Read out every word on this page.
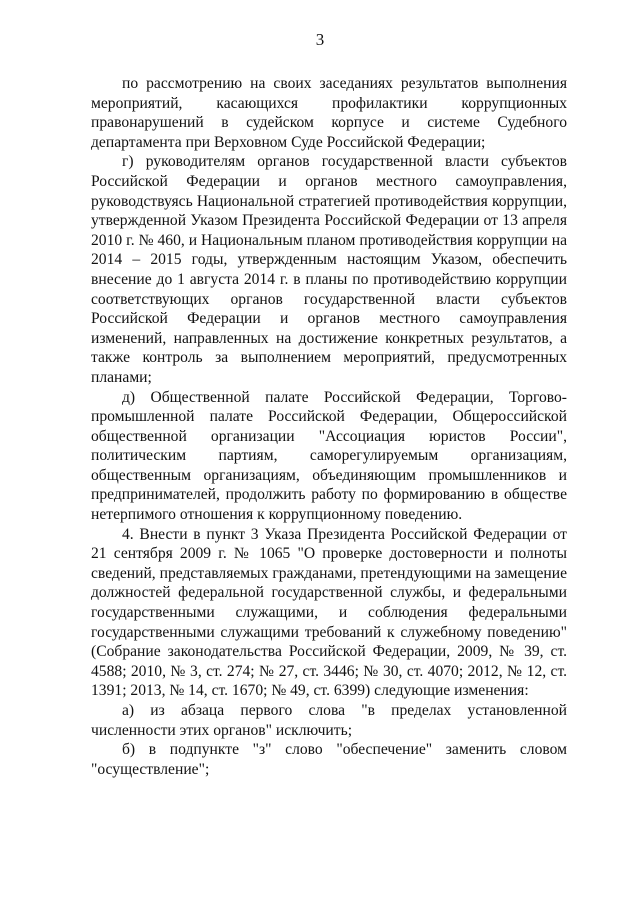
3

по рассмотрению на своих заседаниях результатов выполнения мероприятий, касающихся профилактики коррупционных правонарушений в судейском корпусе и системе Судебного департамента при Верховном Суде Российской Федерации;

г) руководителям органов государственной власти субъектов Российской Федерации и органов местного самоуправления, руководствуясь Национальной стратегией противодействия коррупции, утвержденной Указом Президента Российской Федерации от 13 апреля 2010 г. № 460, и Национальным планом противодействия коррупции на 2014 – 2015 годы, утвержденным настоящим Указом, обеспечить внесение до 1 августа 2014 г. в планы по противодействию коррупции соответствующих органов государственной власти субъектов Российской Федерации и органов местного самоуправления изменений, направленных на достижение конкретных результатов, а также контроль за выполнением мероприятий, предусмотренных планами;

д) Общественной палате Российской Федерации, Торгово-промышленной палате Российской Федерации, Общероссийской общественной организации "Ассоциация юристов России", политическим партиям, саморегулируемым организациям, общественным организациям, объединяющим промышленников и предпринимателей, продолжить работу по формированию в обществе нетерпимого отношения к коррупционному поведению.

4. Внести в пункт 3 Указа Президента Российской Федерации от 21 сентября 2009 г. № 1065 "О проверке достоверности и полноты сведений, представляемых гражданами, претендующими на замещение должностей федеральной государственной службы, и федеральными государственными служащими, и соблюдения федеральными государственными служащими требований к служебному поведению" (Собрание законодательства Российской Федерации, 2009, № 39, ст. 4588; 2010, № 3, ст. 274; № 27, ст. 3446; № 30, ст. 4070; 2012, № 12, ст. 1391; 2013, № 14, ст. 1670; № 49, ст. 6399) следующие изменения:

а) из абзаца первого слова "в пределах установленной численности этих органов" исключить;

б) в подпункте "з" слово "обеспечение" заменить словом "осуществление";
